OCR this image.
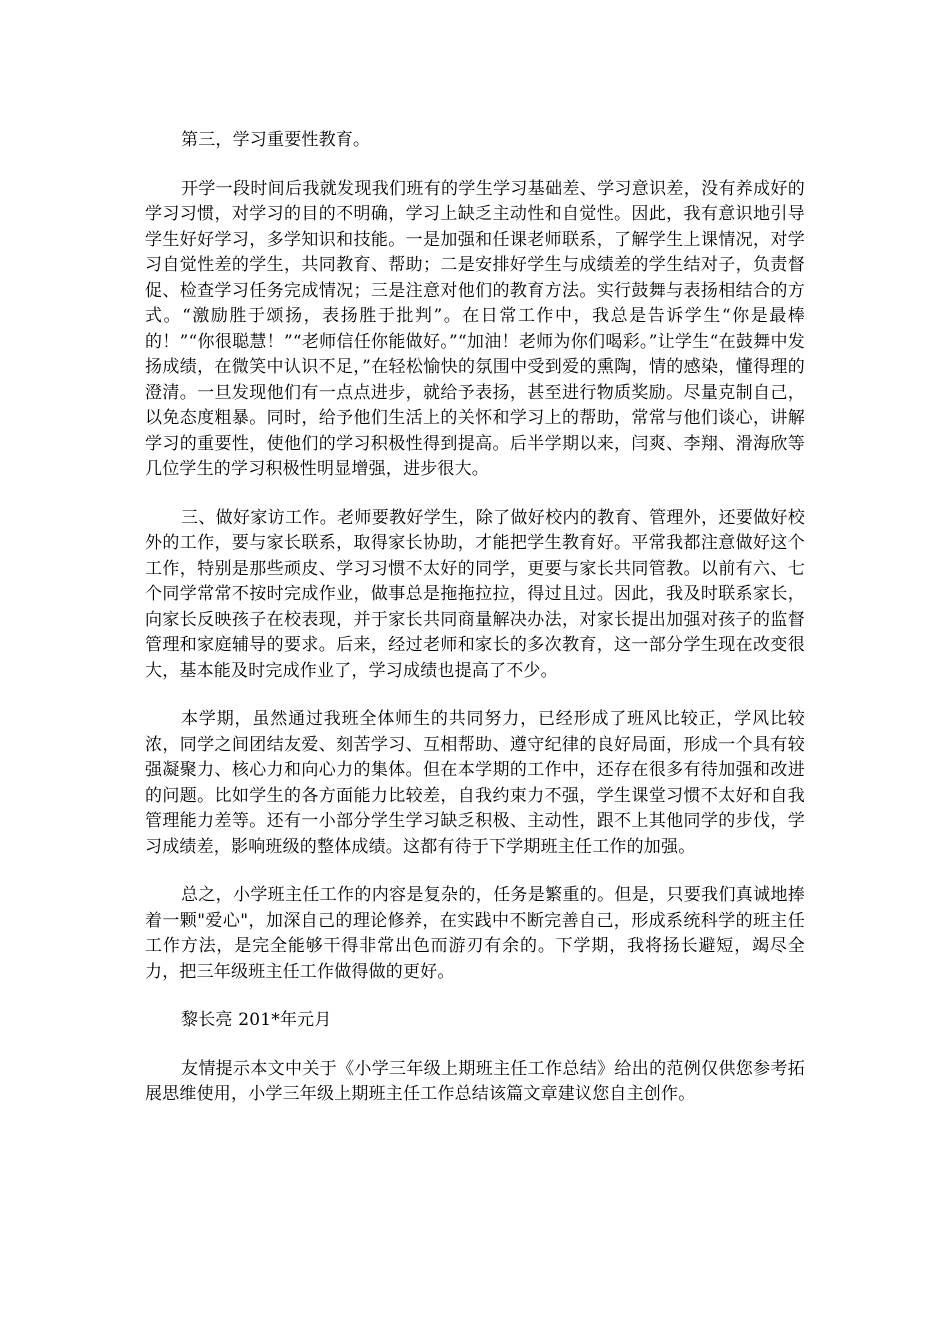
第三，学习重要性教育。

开学一段时间后我就发现我们班有的学生学习基础差、学习意识差，没有养成好的学习习惯，对学习的目的不明确，学习上缺乏主动性和自觉性。因此，我有意识地引导学生好好学习，多学知识和技能。一是加强和任课老师联系，了解学生上课情况，对学习自觉性差的学生，共同教育、帮助；二是安排好学生与成绩差的学生结对子，负责督促、检查学习任务完成情况；三是注意对他们的教育方法。实行鼓舞与表扬相结合的方式。“激励胜于颂扬，表扬胜于批判”。在日常工作中，我总是告诉学生“你是最棒的！”“你很聪慧！”“老师信任你能做好。”“加油！老师为你们喝彩。”让学生“在鼓舞中发扬成绩，在微笑中认识不足，”在轻松愉快的氛围中受到爱的熏陶，情的感染，懂得理的澄清。一旦发现他们有一点点进步，就给予表扬，甚至进行物质奖励。尽量克制自己，以免态度粗暴。同时，给予他们生活上的关怀和学习上的帮助，常常与他们谈心，讲解学习的重要性，使他们的学习积极性得到提高。后半学期以来，闫爽、李翔、滑海欣等几位学生的学习积极性明显增强，进步很大。

三、做好家访工作。老师要教好学生，除了做好校内的教育、管理外，还要做好校外的工作，要与家长联系，取得家长协助，才能把学生教育好。平常我都注意做好这个工作，特别是那些顽皮、学习习惯不太好的同学，更要与家长共同管教。以前有六、七个同学常常不按时完成作业，做事总是拖拖拉拉，得过且过。因此，我及时联系家长，向家长反映孩子在校表现，并于家长共同商量解决办法，对家长提出加强对孩子的监督管理和家庭辅导的要求。后来，经过老师和家长的多次教育，这一部分学生现在改变很大，基本能及时完成作业了，学习成绩也提高了不少。

本学期，虽然通过我班全体师生的共同努力，已经形成了班风比较正，学风比较浓，同学之间团结友爱、刻苦学习、互相帮助、遵守纪律的良好局面，形成一个具有较强凝聚力、核心力和向心力的集体。但在本学期的工作中，还存在很多有待加强和改进的问题。比如学生的各方面能力比较差，自我约束力不强，学生课堂习惯不太好和自我管理能力差等。还有一小部分学生学习缺乏积极、主动性，跟不上其他同学的步伐，学习成绩差，影响班级的整体成绩。这都有待于下学期班主任工作的加强。

总之，小学班主任工作的内容是复杂的，任务是繁重的。但是，只要我们真诚地捧着一颗"爱心"，加深自己的理论修养，在实践中不断完善自己，形成系统科学的班主任工作方法，是完全能够干得非常出色而游刃有余的。下学期，我将扬长避短，竭尽全力，把三年级班主任工作做得做的更好。

黎长亮 201*年元月

友情提示本文中关于《小学三年级上期班主任工作总结》给出的范例仅供您参考拓展思维使用，小学三年级上期班主任工作总结该篇文章建议您自主创作。
